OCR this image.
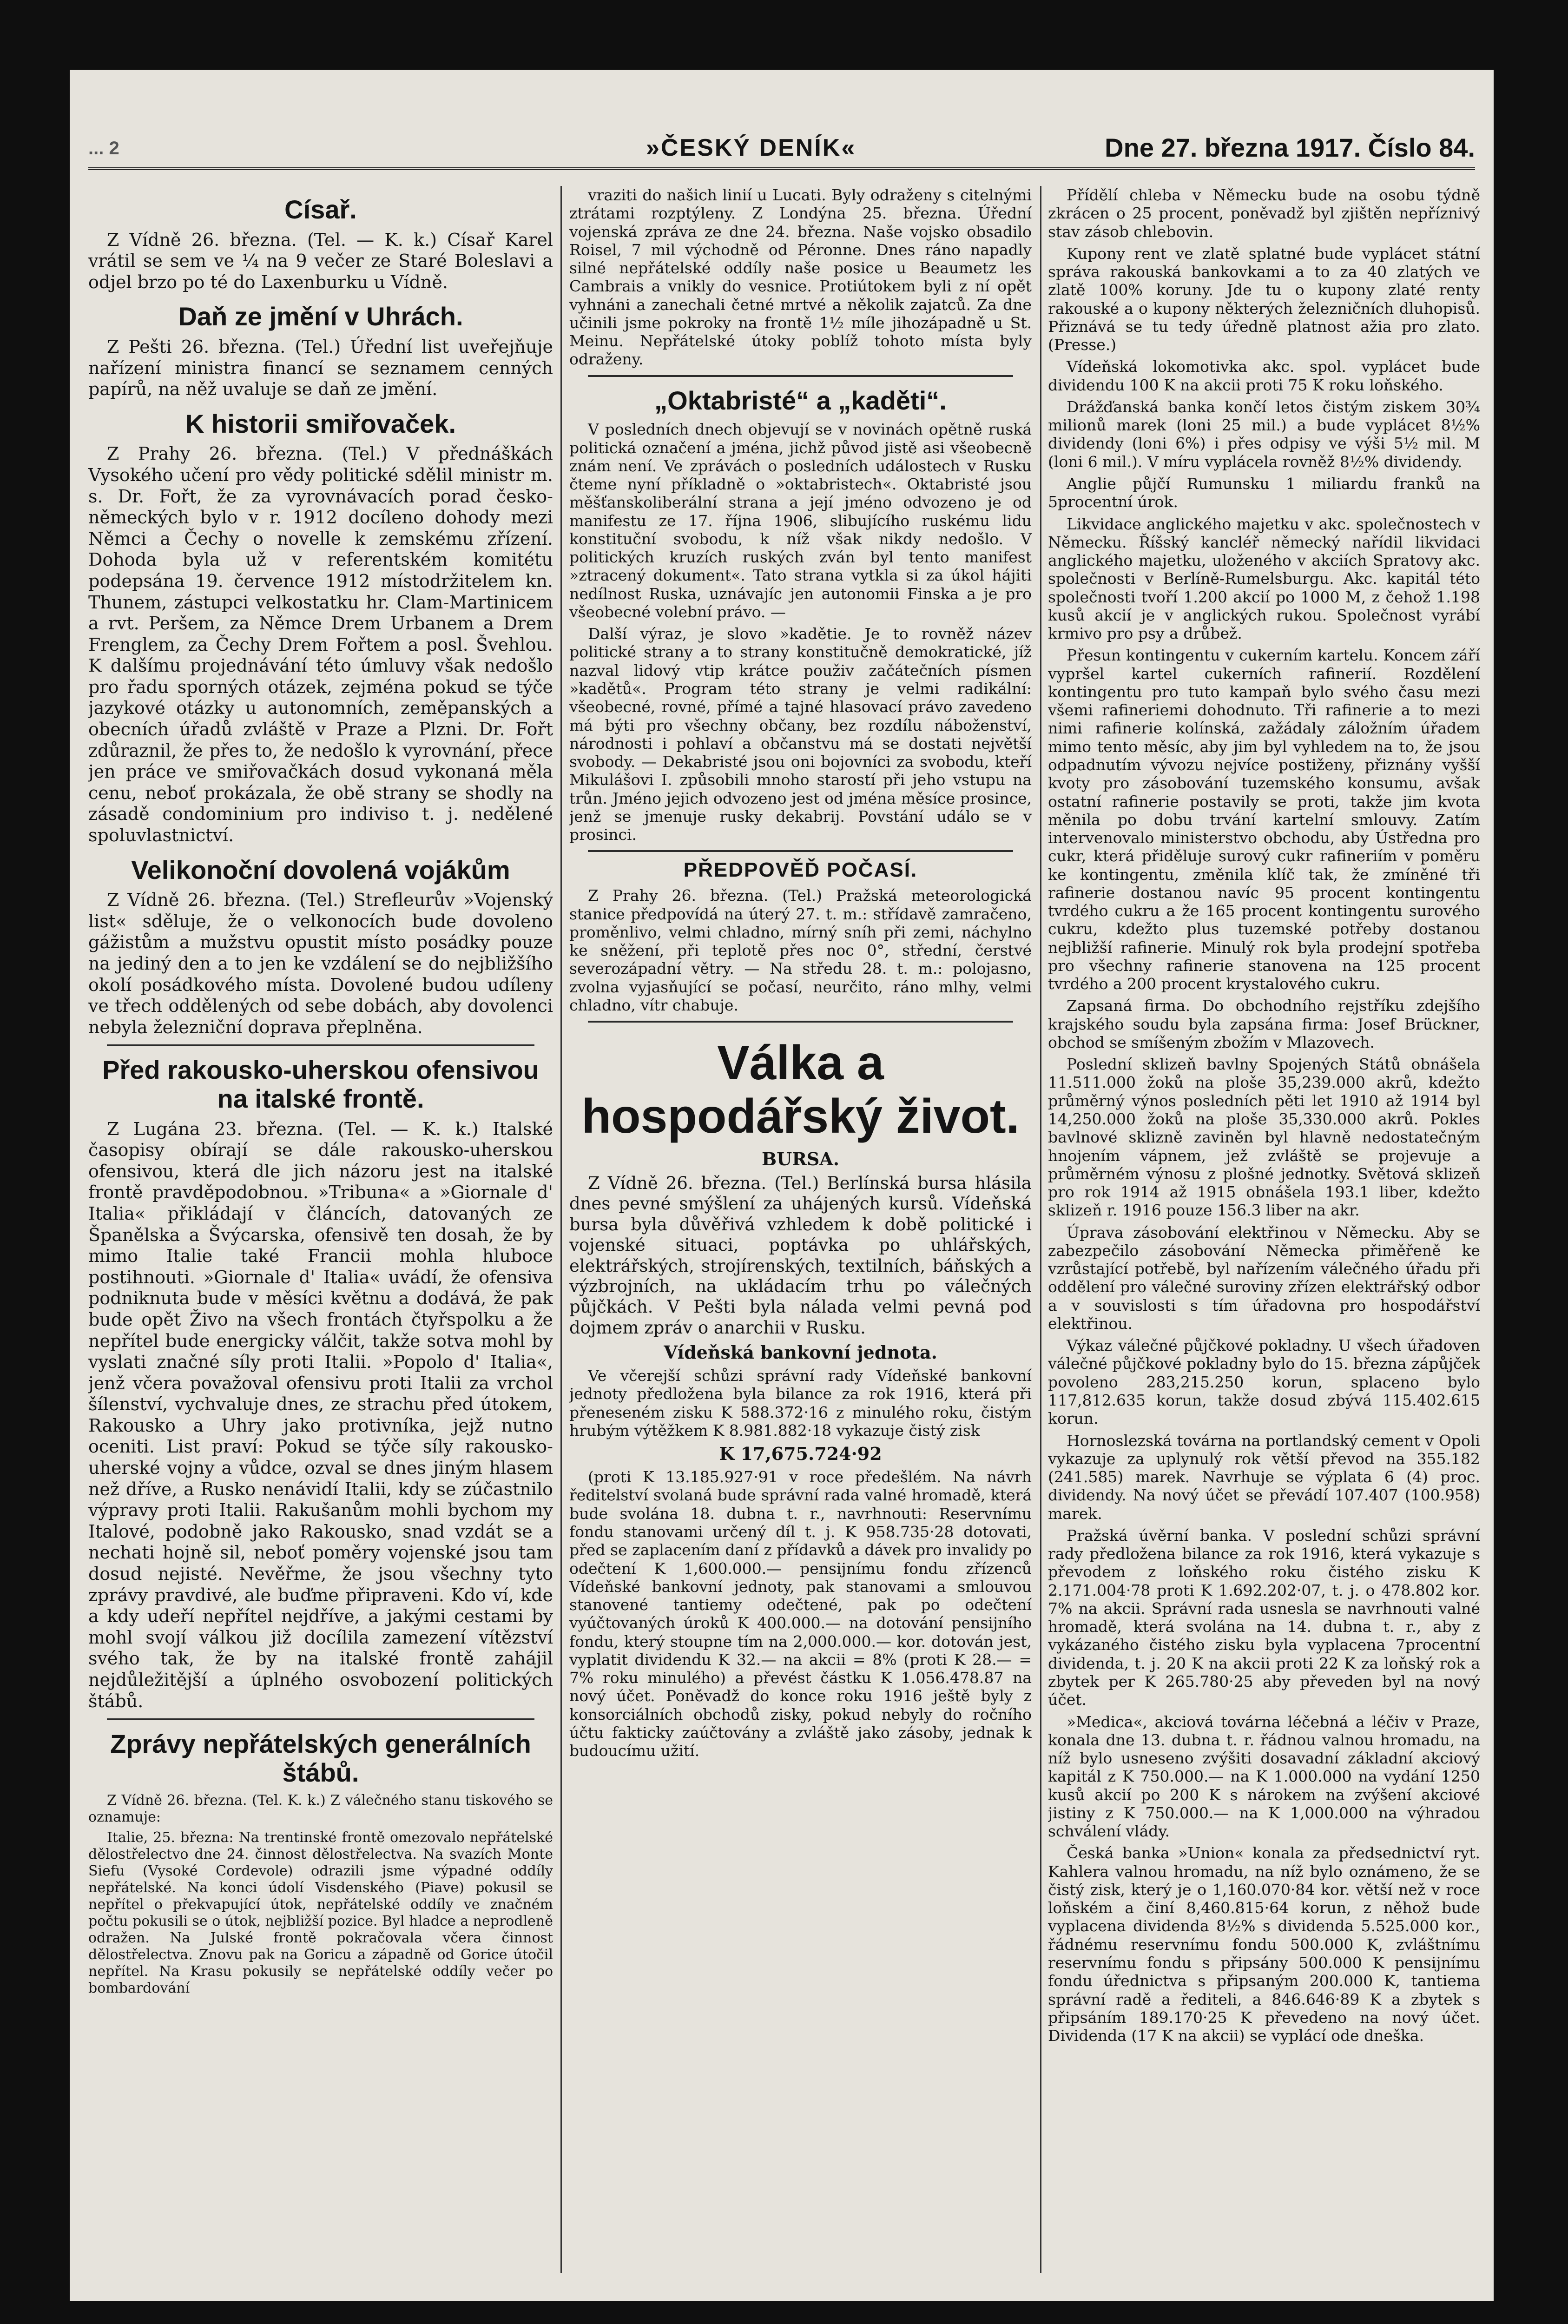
... 2	»ČESKÝ DENÍK«	Dne 27. března 1917. Číslo 84.
Císař.

Z Vídně 26. března. (Tel. — K. k.) Císař Karel vrátil se sem ve ¼ na 9 večer ze Staré Boleslavi a odjel brzo po té do Laxenburku u Vídně.

Daň ze jmění v Uhrách.

Z Pešti 26. března. (Tel.) Úřední list uveřejňuje nařízení ministra financí se seznamem cenných papírů, na něž uvaluje se daň ze jmění.

K historii smiřovaček.

Z Prahy 26. března. (Tel.) V přednáškách Vysokého učení pro vědy politické sdělil ministr m. s. Dr. Fořt, že za vyrovnávacích porad česko-německých bylo v r. 1912 docíleno dohody mezi Němci a Čechy o novelle k zemskému zřízení. Dohoda byla už v referentském komitétu podepsána 19. července 1912 místodržitelem kn. Thunem, zástupci velkostatku hr. Clam-Martinicem a rvt. Peršem, za Němce Drem Urbanem a Drem Frenglem, za Čechy Drem Fořtem a posl. Švehlou. K dalšímu projednávání této úmluvy však nedošlo pro řadu sporných otázek, zejména pokud se týče jazykové otázky u autonomních, zeměpanských a obecních úřadů zvláště v Praze a Plzni. Dr. Fořt zdůraznil, že přes to, že nedošlo k vyrovnání, přece jen práce ve smiřovačkách dosud vykonaná měla cenu, neboť prokázala, že obě strany se shodly na zásadě condominium pro indiviso t. j. nedělené spoluvlastnictví.

Velikonoční dovolená vojákům

Z Vídně 26. března. (Tel.) Strefleurův »Vojenský list« sděluje, že o velkonocích bude dovoleno gážistům a mužstvu opustit místo posádky pouze na jediný den a to jen ke vzdálení se do nejbližšího okolí posádkového místa. Dovolené budou udíleny ve třech oddělených od sebe dobách, aby dovolenci nebyla železniční doprava přeplněna.

Před rakousko-uherskou ofensivou na italské frontě.

Z Lugána 23. března. (Tel. — K. k.) Italské časopisy obírají se dále rakousko-uherskou ofensivou, která dle jich názoru jest na italské frontě pravděpodobnou. »Tribuna« a »Giornale d' Italia« přikládají v článcích, datovaných ze Španělska a Švýcarska, ofensivě ten dosah, že by mimo Italie také Francii mohla hluboce postihnouti. »Giornale d' Italia« uvádí, že ofensiva podniknuta bude v měsíci květnu a dodává, že pak bude opět Živo na všech frontách čtyřspolku a že nepřítel bude energicky válčit, takže sotva mohl by vyslati značné síly proti Italii. »Popolo d' Italia«, jenž včera považoval ofensivu proti Italii za vrchol šílenství, vychvaluje dnes, ze strachu před útokem, Rakousko a Uhry jako protivníka, jejž nutno oceniti. List praví: Pokud se týče síly rakousko-uherské vojny a vůdce, ozval se dnes jiným hlasem než dříve, a Rusko nenávidí Italii, kdy se zúčastnilo výpravy proti Italii. Rakušanům mohli bychom my Italové, podobně jako Rakousko, snad vzdát se a nechati hojně sil, neboť poměry vojenské jsou tam dosud nejisté. Nevěřme, že jsou všechny tyto zprávy pravdivé, ale buďme připraveni. Kdo ví, kde a kdy udeří nepřítel nejdříve, a jakými cestami by mohl svojí válkou již docílila zamezení vítězství svého tak, že by na italské frontě zahájil nejdůležitější a úplného osvobození politických štábů.

Zprávy nepřátelských generálních štábů.

Z Vídně 26. března. (Tel. K. k.) Z válečného stanu tiskového se oznamuje:

Italie, 25. března: Na trentinské frontě omezovalo nepřátelské dělostřelectvo dne 24. činnost dělostřelectva. Na svazích Monte Siefu (Vysoké Cordevole) odrazili jsme výpadné oddíly nepřátelské. Na konci údolí Visdenského (Piave) pokusil se nepřítel o překvapující útok, nepřátelské oddíly ve značném počtu pokusili se o útok, nejbližší pozice. Byl hladce a neprodleně odražen. Na Julské frontě pokračovala včera činnost dělostřelectva. Znovu pak na Goricu a západně od Gorice útočil nepřítel. Na Krasu pokusily se nepřátelské oddíly večer po bombardování

vraziti do našich linií u Lucati. Byly odraženy s citelnými ztrátami rozptýleny. Z Londýna 25. března. Úřední vojenská zpráva ze dne 24. března. Naše vojsko obsadilo Roisel, 7 mil východně od Péronne. Dnes ráno napadly silné nepřátelské oddíly naše posice u Beaumetz les Cambrais a vnikly do vesnice. Protiútokem byli z ní opět vyhnáni a zanechali četné mrtvé a několik zajatců. Za dne učinili jsme pokroky na frontě 1½ míle jihozápadně u St. Meinu. Nepřátelské útoky poblíž tohoto místa byly odraženy.

„Oktabristé“ a „kaděti“.

V posledních dnech objevují se v novinách opětně ruská politická označení a jména, jichž původ jistě asi všeobecně znám není. Ve zprávách o posledních událostech v Rusku čteme nyní příkladně o »oktabristech«. Oktabristé jsou měšťanskoliberální strana a její jméno odvozeno je od manifestu ze 17. října 1906, slibujícího ruskému lidu konstituční svobodu, k níž však nikdy nedošlo. V politických kruzích ruských zván byl tento manifest »ztracený dokument«. Tato strana vytkla si za úkol hájiti nedílnost Ruska, uznávajíc jen autonomii Finska a je pro všeobecné volební právo. —

Další výraz, je slovo »kadětie. Je to rovněž název politické strany a to strany konstitučně demokratické, jíž nazval lidový vtip krátce použiv začátečních písmen »kadětů«. Program této strany je velmi radikální: všeobecné, rovné, přímé a tajné hlasovací právo zavedeno má býti pro všechny občany, bez rozdílu náboženství, národnosti i pohlaví a občanstvu má se dostati největší svobody. — Dekabristé jsou oni bojovníci za svobodu, kteří Mikulášovi I. způsobili mnoho starostí při jeho vstupu na trůn. Jméno jejich odvozeno jest od jména měsíce prosince, jenž se jmenuje rusky dekabrij. Povstání událo se v prosinci.

PŘEDPOVĚĎ POČASÍ.

Z Prahy 26. března. (Tel.) Pražská meteorologická stanice předpovídá na úterý 27. t. m.: střídavě zamračeno, proměnlivo, velmi chladno, mírný sníh při zemi, náchylno ke sněžení, při teplotě přes noc 0°, střední, čerstvé severozápadní větry. — Na středu 28. t. m.: polojasno, zvolna vyjasňující se počasí, neurčito, ráno mlhy, velmi chladno, vítr chabuje.

Válka a hospodářský život.
BURSA.

Z Vídně 26. března. (Tel.) Berlínská bursa hlásila dnes pevné smýšlení za uhájených kursů. Vídeňská bursa byla důvěřivá vzhledem k době politické i vojenské situaci, poptávka po uhlářských, elektrářských, strojírenských, textilních, báňských a výzbrojních, na ukládacím trhu po válečných půjčkách. V Pešti byla nálada velmi pevná pod dojmem zpráv o anarchii v Rusku.

Vídeňská bankovní jednota.

Ve včerejší schůzi správní rady Vídeňské bankovní jednoty předložena byla bilance za rok 1916, která při přeneseném zisku K 588.372·16 z minulého roku, čistým hrubým výtěžkem K 8.981.882·18 vykazuje čistý zisk

K 17,675.724·92

(proti K 13.185.927·91 v roce předešlém. Na návrh ředitelství svolaná bude správní rada valné hromadě, která bude svolána 18. dubna t. r., navrhnouti: Reservnímu fondu stanovami určený díl t. j. K 958.735·28 dotovati, před se zaplacením daní z přídavků a dávek pro invalidy po odečtení K 1,600.000.— pensijnímu fondu zřízenců Vídeňské bankovní jednoty, pak stanovami a smlouvou stanovené tantiemy odečtené, pak po odečtení vyúčtovaných úroků K 400.000.— na dotování pensijního fondu, který stoupne tím na 2,000.000.— kor. dotován jest, vyplatit dividendu K 32.— na akcii = 8% (proti K 28.— = 7% roku minulého) a převést částku K 1.056.478.87 na nový účet. Poněvadž do konce roku 1916 ještě byly z konsorciálních obchodů zisky, pokud nebyly do ročního účtu fakticky zaúčtovány a zvláště jako zásoby, jednak k budoucímu užití.

Přídělí chleba v Německu bude na osobu týdně zkrácen o 25 procent, poněvadž byl zjištěn nepříznivý stav zásob chlebovin.

Kupony rent ve zlatě splatné bude vyplácet státní správa rakouská bankovkami a to za 40 zlatých ve zlatě 100% koruny. Jde tu o kupony zlaté renty rakouské a o kupony některých železničních dluhopisů. Přiznává se tu tedy úředně platnost ažia pro zlato. (Presse.)

Vídeňská lokomotivka akc. spol. vyplácet bude dividendu 100 K na akcii proti 75 K roku loňského.

Drážďanská banka končí letos čistým ziskem 30¾ milionů marek (loni 25 mil.) a bude vyplácet 8½% dividendy (loni 6%) i přes odpisy ve výši 5½ mil. M (loni 6 mil.). V míru vyplácela rovněž 8½% dividendy.

Anglie půjčí Rumunsku 1 miliardu franků na 5procentní úrok.

Likvidace anglického majetku v akc. společnostech v Německu. Říšský kancléř německý nařídil likvidaci anglického majetku, uloženého v akciích Spratovy akc. společnosti v Berlíně-Rumelsburgu. Akc. kapitál této společnosti tvoří 1.200 akcií po 1000 M, z čehož 1.198 kusů akcií je v anglických rukou. Společnost vyrábí krmivo pro psy a drůbež.

Přesun kontingentu v cukerním kartelu. Koncem září vypršel kartel cukerních rafinerií. Rozdělení kontingentu pro tuto kampaň bylo svého času mezi všemi rafineriemi dohodnuto. Tři rafinerie a to mezi nimi rafinerie kolínská, zažádaly záložním úřadem mimo tento měsíc, aby jim byl vyhledem na to, že jsou odpadnutím vývozu nejvíce postiženy, přiznány vyšší kvoty pro zásobování tuzemského konsumu, avšak ostatní rafinerie postavily se proti, takže jim kvota měnila po dobu trvání kartelní smlouvy. Zatím intervenovalo ministerstvo obchodu, aby Ústředna pro cukr, která přiděluje surový cukr rafineriím v poměru ke kontingentu, změnila klíč tak, že zmíněné tři rafinerie dostanou navíc 95 procent kontingentu tvrdého cukru a že 165 procent kontingentu surového cukru, kdežto plus tuzemské potřeby dostanou nejbližší rafinerie. Minulý rok byla prodejní spotřeba pro všechny rafinerie stanovena na 125 procent tvrdého a 200 procent krystalového cukru.

Zapsaná firma. Do obchodního rejstříku zdejšího krajského soudu byla zapsána firma: Josef Brückner, obchod se smíšeným zbožím v Mlazovech.

Poslední sklizeň bavlny Spojených Států obnášela 11.511.000 žoků na ploše 35,239.000 akrů, kdežto průměrný výnos posledních pěti let 1910 až 1914 byl 14,250.000 žoků na ploše 35,330.000 akrů. Pokles bavlnové sklizně zaviněn byl hlavně nedostatečným hnojením vápnem, jež zvláště se projevuje a průměrném výnosu z plošné jednotky. Světová sklizeň pro rok 1914 až 1915 obnášela 193.1 liber, kdežto sklizeň r. 1916 pouze 156.3 liber na akr.

Úprava zásobování elektřinou v Německu. Aby se zabezpečilo zásobování Německa přiměřeně ke vzrůstající potřebě, byl nařízením válečného úřadu při oddělení pro válečné suroviny zřízen elektrářský odbor a v souvislosti s tím úřadovna pro hospodářství elektřinou.

Výkaz válečné půjčkové pokladny. U všech úřadoven válečné půjčkové pokladny bylo do 15. března zápůjček povoleno 283,215.250 korun, splaceno bylo 117,812.635 korun, takže dosud zbývá 115.402.615 korun.

Hornoslezská továrna na portlandský cement v Opoli vykazuje za uplynulý rok větší převod na 355.182 (241.585) marek. Navrhuje se výplata 6 (4) proc. dividendy. Na nový účet se převádí 107.407 (100.958) marek.

Pražská úvěrní banka. V poslední schůzi správní rady předložena bilance za rok 1916, která vykazuje s převodem z loňského roku čistého zisku K 2.171.004·78 proti K 1.692.202·07, t. j. o 478.802 kor. 7% na akcii. Správní rada usnesla se navrhnouti valné hromadě, která svolána na 14. dubna t. r., aby z vykázaného čistého zisku byla vyplacena 7procentní dividenda, t. j. 20 K na akcii proti 22 K za loňský rok a zbytek per K 265.780·25 aby převeden byl na nový účet.

»Medica«, akciová továrna léčebná a léčiv v Praze, konala dne 13. dubna t. r. řádnou valnou hromadu, na níž bylo usneseno zvýšiti dosavadní základní akciový kapitál z K 750.000.— na K 1.000.000 na vydání 1250 kusů akcií po 200 K s nárokem na zvýšení akciové jistiny z K 750.000.— na K 1,000.000 na výhradou schválení vlády.

Česká banka »Union« konala za předsednictví ryt. Kahlera valnou hromadu, na níž bylo oznámeno, že se čistý zisk, který je o 1,160.070·84 kor. větší než v roce loňském a činí 8,460.815·64 korun, z něhož bude vyplacena dividenda 8½% s dividenda 5.525.000 kor., řádnému reservnímu fondu 500.000 K, zvláštnímu reservnímu fondu s připsány 500.000 K pensijnímu fondu úřednictva s připsaným 200.000 K, tantiema správní radě a řediteli, a 846.646·89 K a zbytek s připsáním 189.170·25 K převedeno na nový účet. Dividenda (17 K na akcii) se vyplácí ode dneška.
